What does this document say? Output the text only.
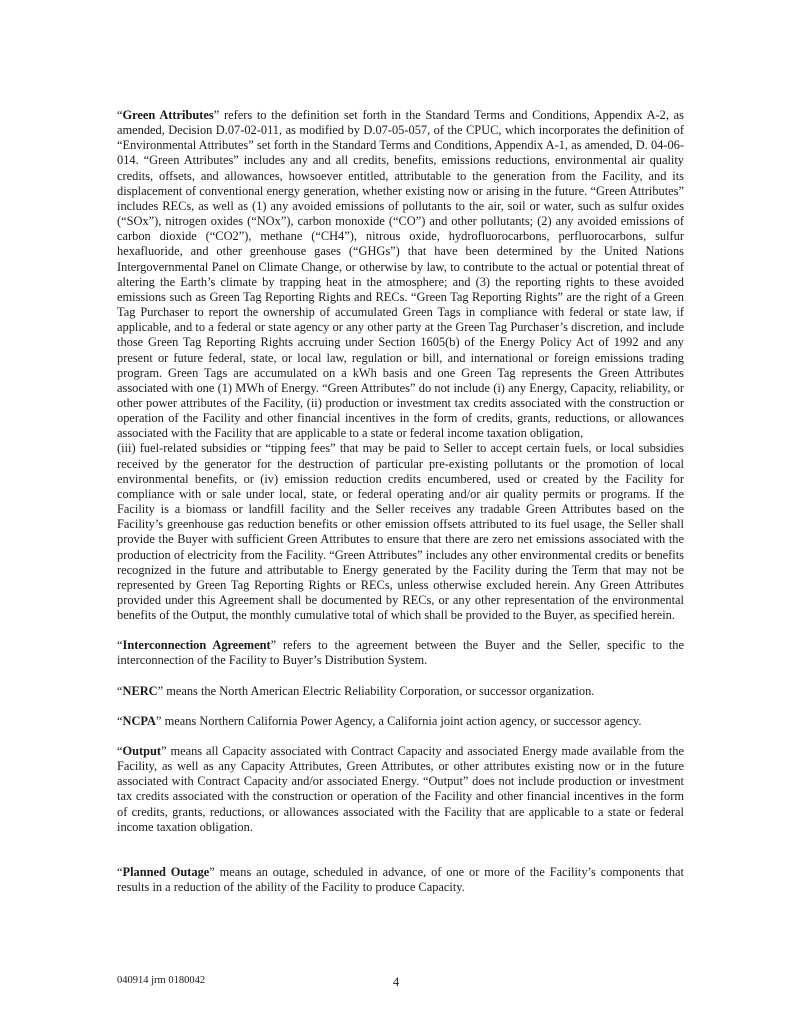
“Green Attributes” refers to the definition set forth in the Standard Terms and Conditions, Appendix A-2, as amended, Decision D.07-02-011, as modified by D.07-05-057, of the CPUC, which incorporates the definition of “Environmental Attributes” set forth in the Standard Terms and Conditions, Appendix A-1, as amended, D. 04-06-014. “Green Attributes” includes any and all credits, benefits, emissions reductions, environmental air quality credits, offsets, and allowances, howsoever entitled, attributable to the generation from the Facility, and its displacement of conventional energy generation, whether existing now or arising in the future. “Green Attributes” includes RECs, as well as (1) any avoided emissions of pollutants to the air, soil or water, such as sulfur oxides (“SOx”), nitrogen oxides (“NOx”), carbon monoxide (“CO”) and other pollutants; (2) any avoided emissions of carbon dioxide (“CO2”), methane (“CH4”), nitrous oxide, hydrofluorocarbons, perfluorocarbons, sulfur hexafluoride, and other greenhouse gases (“GHGs”) that have been determined by the United Nations Intergovernmental Panel on Climate Change, or otherwise by law, to contribute to the actual or potential threat of altering the Earth’s climate by trapping heat in the atmosphere; and (3) the reporting rights to these avoided emissions such as Green Tag Reporting Rights and RECs. “Green Tag Reporting Rights” are the right of a Green Tag Purchaser to report the ownership of accumulated Green Tags in compliance with federal or state law, if applicable, and to a federal or state agency or any other party at the Green Tag Purchaser’s discretion, and include those Green Tag Reporting Rights accruing under Section 1605(b) of the Energy Policy Act of 1992 and any present or future federal, state, or local law, regulation or bill, and international or foreign emissions trading program. Green Tags are accumulated on a kWh basis and one Green Tag represents the Green Attributes associated with one (1) MWh of Energy. “Green Attributes” do not include (i) any Energy, Capacity, reliability, or other power attributes of the Facility, (ii) production or investment tax credits associated with the construction or operation of the Facility and other financial incentives in the form of credits, grants, reductions, or allowances associated with the Facility that are applicable to a state or federal income taxation obligation,

(iii) fuel-related subsidies or “tipping fees” that may be paid to Seller to accept certain fuels, or local subsidies received by the generator for the destruction of particular pre-existing pollutants or the promotion of local environmental benefits, or (iv) emission reduction credits encumbered, used or created by the Facility for compliance with or sale under local, state, or federal operating and/or air quality permits or programs. If the Facility is a biomass or landfill facility and the Seller receives any tradable Green Attributes based on the Facility’s greenhouse gas reduction benefits or other emission offsets attributed to its fuel usage, the Seller shall provide the Buyer with sufficient Green Attributes to ensure that there are zero net emissions associated with the production of electricity from the Facility. “Green Attributes” includes any other environmental credits or benefits recognized in the future and attributable to Energy generated by the Facility during the Term that may not be represented by Green Tag Reporting Rights or RECs, unless otherwise excluded herein. Any Green Attributes provided under this Agreement shall be documented by RECs, or any other representation of the environmental benefits of the Output, the monthly cumulative total of which shall be provided to the Buyer, as specified herein.

“Interconnection Agreement” refers to the agreement between the Buyer and the Seller, specific to the interconnection of the Facility to Buyer’s Distribution System.

“NERC” means the North American Electric Reliability Corporation, or successor organization.

“NCPA” means Northern California Power Agency, a California joint action agency, or successor agency.

“Output” means all Capacity associated with Contract Capacity and associated Energy made available from the Facility, as well as any Capacity Attributes, Green Attributes, or other attributes existing now or in the future associated with Contract Capacity and/or associated Energy. “Output” does not include production or investment tax credits associated with the construction or operation of the Facility and other financial incentives in the form of credits, grants, reductions, or allowances associated with the Facility that are applicable to a state or federal income taxation obligation.

“Planned Outage” means an outage, scheduled in advance, of one or more of the Facility’s components that results in a reduction of the ability of the Facility to produce Capacity.

040914 jrm 0180042	4
